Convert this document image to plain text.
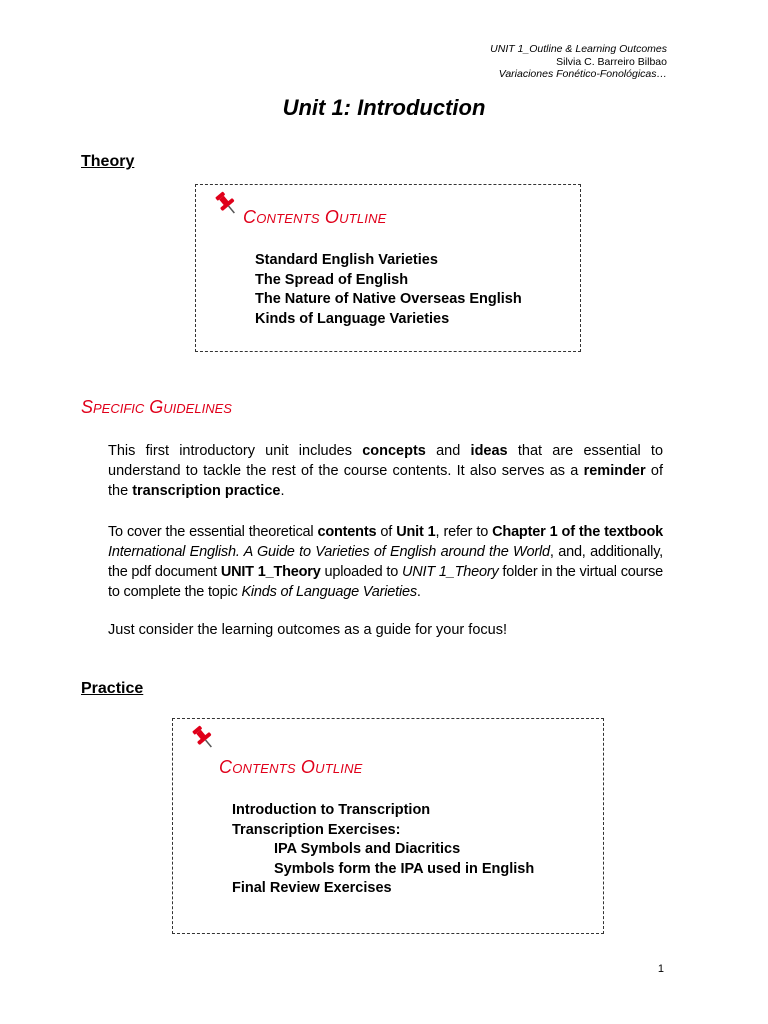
UNIT 1_Outline & Learning Outcomes
Silvia C. Barreiro Bilbao
Variaciones Fonético-Fonológicas…
Unit 1: Introduction
Theory
Contents Outline
Standard English Varieties
The Spread of English
The Nature of Native Overseas English
Kinds of Language Varieties
Specific Guidelines
This first introductory unit includes concepts and ideas that are essential to understand to tackle the rest of the course contents. It also serves as a reminder of the transcription practice.
To cover the essential theoretical contents of Unit 1, refer to Chapter 1 of the textbook International English. A Guide to Varieties of English around the World, and, additionally, the pdf document UNIT 1_Theory uploaded to UNIT 1_Theory folder in the virtual course to complete the topic Kinds of Language Varieties.
Just consider the learning outcomes as a guide for your focus!
Practice
Contents Outline
Introduction to Transcription
Transcription Exercises:
IPA Symbols and Diacritics
Symbols form the IPA used in English
Final Review Exercises
1
